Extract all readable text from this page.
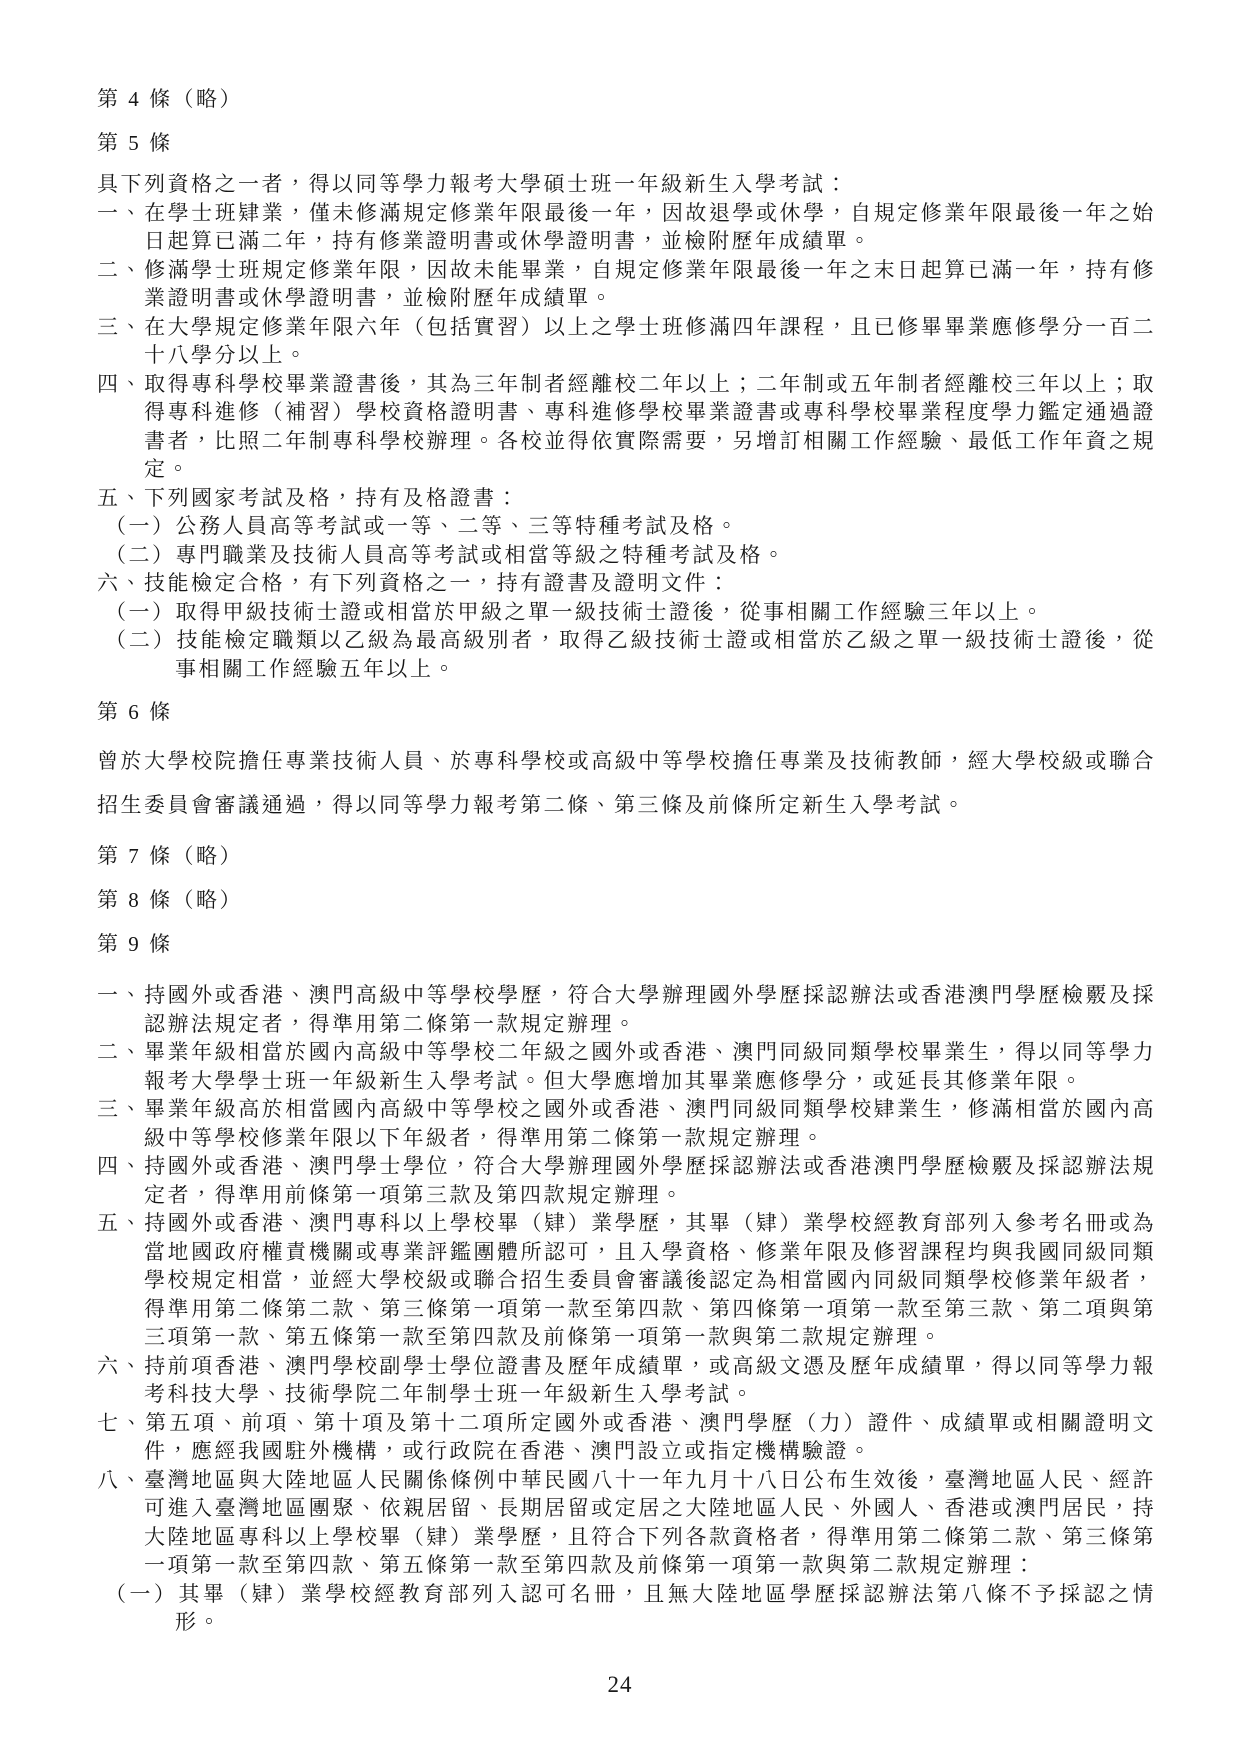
第 4 條（略）
第 5 條
具下列資格之一者，得以同等學力報考大學碩士班一年級新生入學考試：
一、在學士班肄業，僅未修滿規定修業年限最後一年，因故退學或休學，自規定修業年限最後一年之始日起算已滿二年，持有修業證明書或休學證明書，並檢附歷年成績單。
二、修滿學士班規定修業年限，因故未能畢業，自規定修業年限最後一年之末日起算已滿一年，持有修業證明書或休學證明書，並檢附歷年成績單。
三、在大學規定修業年限六年（包括實習）以上之學士班修滿四年課程，且已修畢畢業應修學分一百二十八學分以上。
四、取得專科學校畢業證書後，其為三年制者經離校二年以上；二年制或五年制者經離校三年以上；取得專科進修（補習）學校資格證明書、專科進修學校畢業證書或專科學校畢業程度學力鑑定通過證書者，比照二年制專科學校辦理。各校並得依實際需要，另增訂相關工作經驗、最低工作年資之規定。
五、下列國家考試及格，持有及格證書：
（一）公務人員高等考試或一等、二等、三等特種考試及格。
（二）專門職業及技術人員高等考試或相當等級之特種考試及格。
六、技能檢定合格，有下列資格之一，持有證書及證明文件：
（一）取得甲級技術士證或相當於甲級之單一級技術士證後，從事相關工作經驗三年以上。
（二）技能檢定職類以乙級為最高級別者，取得乙級技術士證或相當於乙級之單一級技術士證後，從事相關工作經驗五年以上。
第 6 條
曾於大學校院擔任專業技術人員、於專科學校或高級中等學校擔任專業及技術教師，經大學校級或聯合招生委員會審議通過，得以同等學力報考第二條、第三條及前條所定新生入學考試。
第 7 條（略）
第 8 條（略）
第 9 條
一、持國外或香港、澳門高級中等學校學歷，符合大學辦理國外學歷採認辦法或香港澳門學歷檢覈及採認辦法規定者，得準用第二條第一款規定辦理。
二、畢業年級相當於國內高級中等學校二年級之國外或香港、澳門同級同類學校畢業生，得以同等學力報考大學學士班一年級新生入學考試。但大學應增加其畢業應修學分，或延長其修業年限。
三、畢業年級高於相當國內高級中等學校之國外或香港、澳門同級同類學校肄業生，修滿相當於國內高級中等學校修業年限以下年級者，得準用第二條第一款規定辦理。
四、持國外或香港、澳門學士學位，符合大學辦理國外學歷採認辦法或香港澳門學歷檢覈及採認辦法規定者，得準用前條第一項第三款及第四款規定辦理。
五、持國外或香港、澳門專科以上學校畢（肄）業學歷，其畢（肄）業學校經教育部列入參考名冊或為當地國政府權責機關或專業評鑑團體所認可，且入學資格、修業年限及修習課程均與我國同級同類學校規定相當，並經大學校級或聯合招生委員會審議後認定為相當國內同級同類學校修業年級者，得準用第二條第二款、第三條第一項第一款至第四款、第四條第一項第一款至第三款、第二項與第三項第一款、第五條第一款至第四款及前條第一項第一款與第二款規定辦理。
六、持前項香港、澳門學校副學士學位證書及歷年成績單，或高級文憑及歷年成績單，得以同等學力報考科技大學、技術學院二年制學士班一年級新生入學考試。
七、第五項、前項、第十項及第十二項所定國外或香港、澳門學歷（力）證件、成績單或相關證明文件，應經我國駐外機構，或行政院在香港、澳門設立或指定機構驗證。
八、臺灣地區與大陸地區人民關係條例中華民國八十一年九月十八日公布生效後，臺灣地區人民、經許可進入臺灣地區團聚、依親居留、長期居留或定居之大陸地區人民、外國人、香港或澳門居民，持大陸地區專科以上學校畢（肄）業學歷，且符合下列各款資格者，得準用第二條第二款、第三條第一項第一款至第四款、第五條第一款至第四款及前條第一項第一款與第二款規定辦理：
（一）其畢（肄）業學校經教育部列入認可名冊，且無大陸地區學歷採認辦法第八條不予採認之情形。
24
